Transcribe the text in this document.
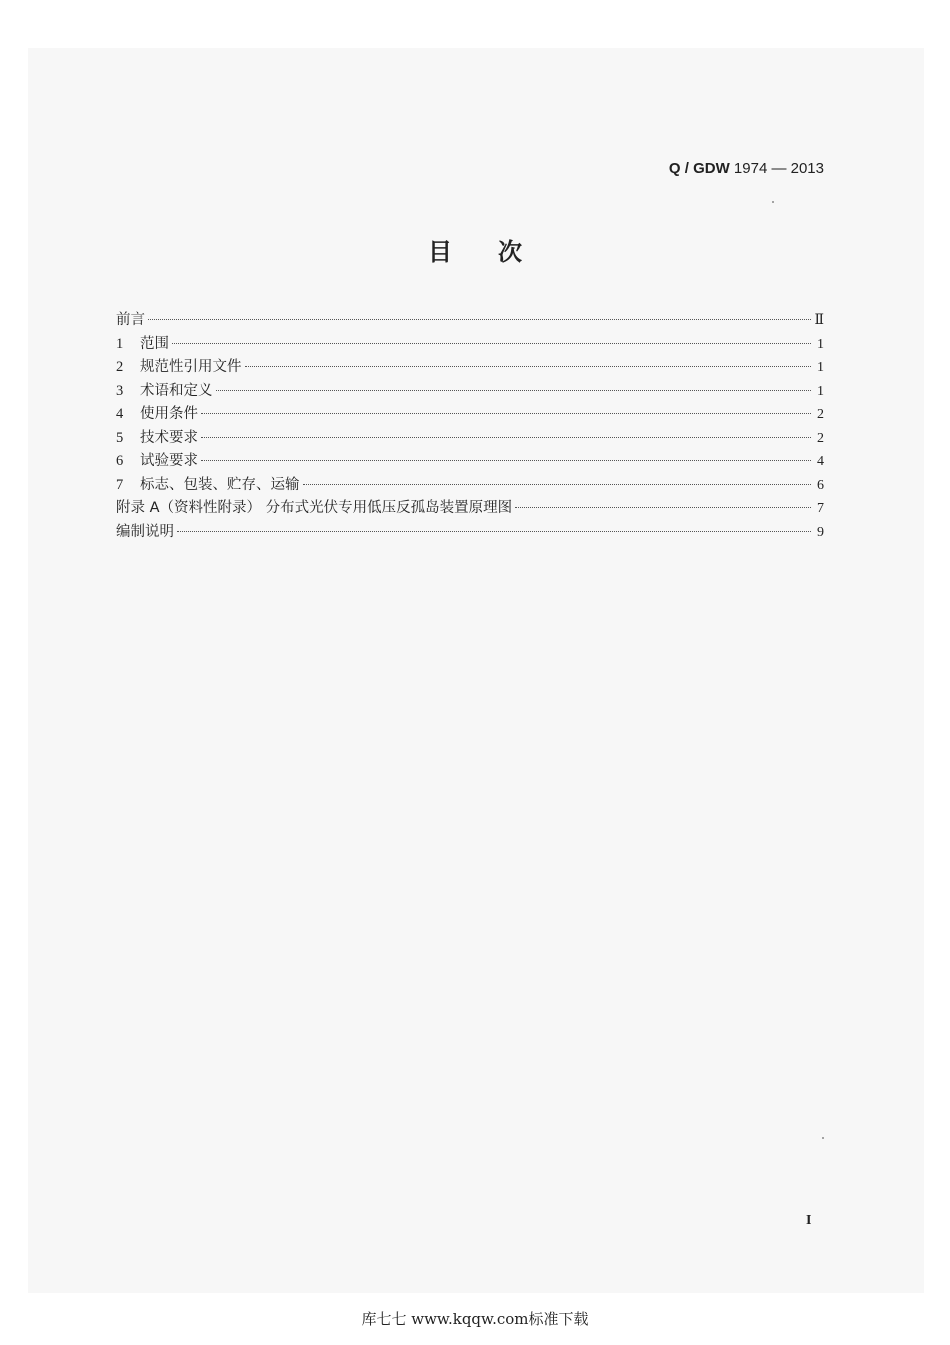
Q / GDW 1974 — 2013
目次
前言	Ⅱ
1	范围	1
2	规范性引用文件	1
3	术语和定义	1
4	使用条件	2
5	技术要求	2
6	试验要求	4
7	标志、包装、贮存、运输	6
附录 A（资料性附录） 分布式光伏专用低压反孤岛装置原理图	7
编制说明	9
I
库七七 www.kqqw.com标准下载
